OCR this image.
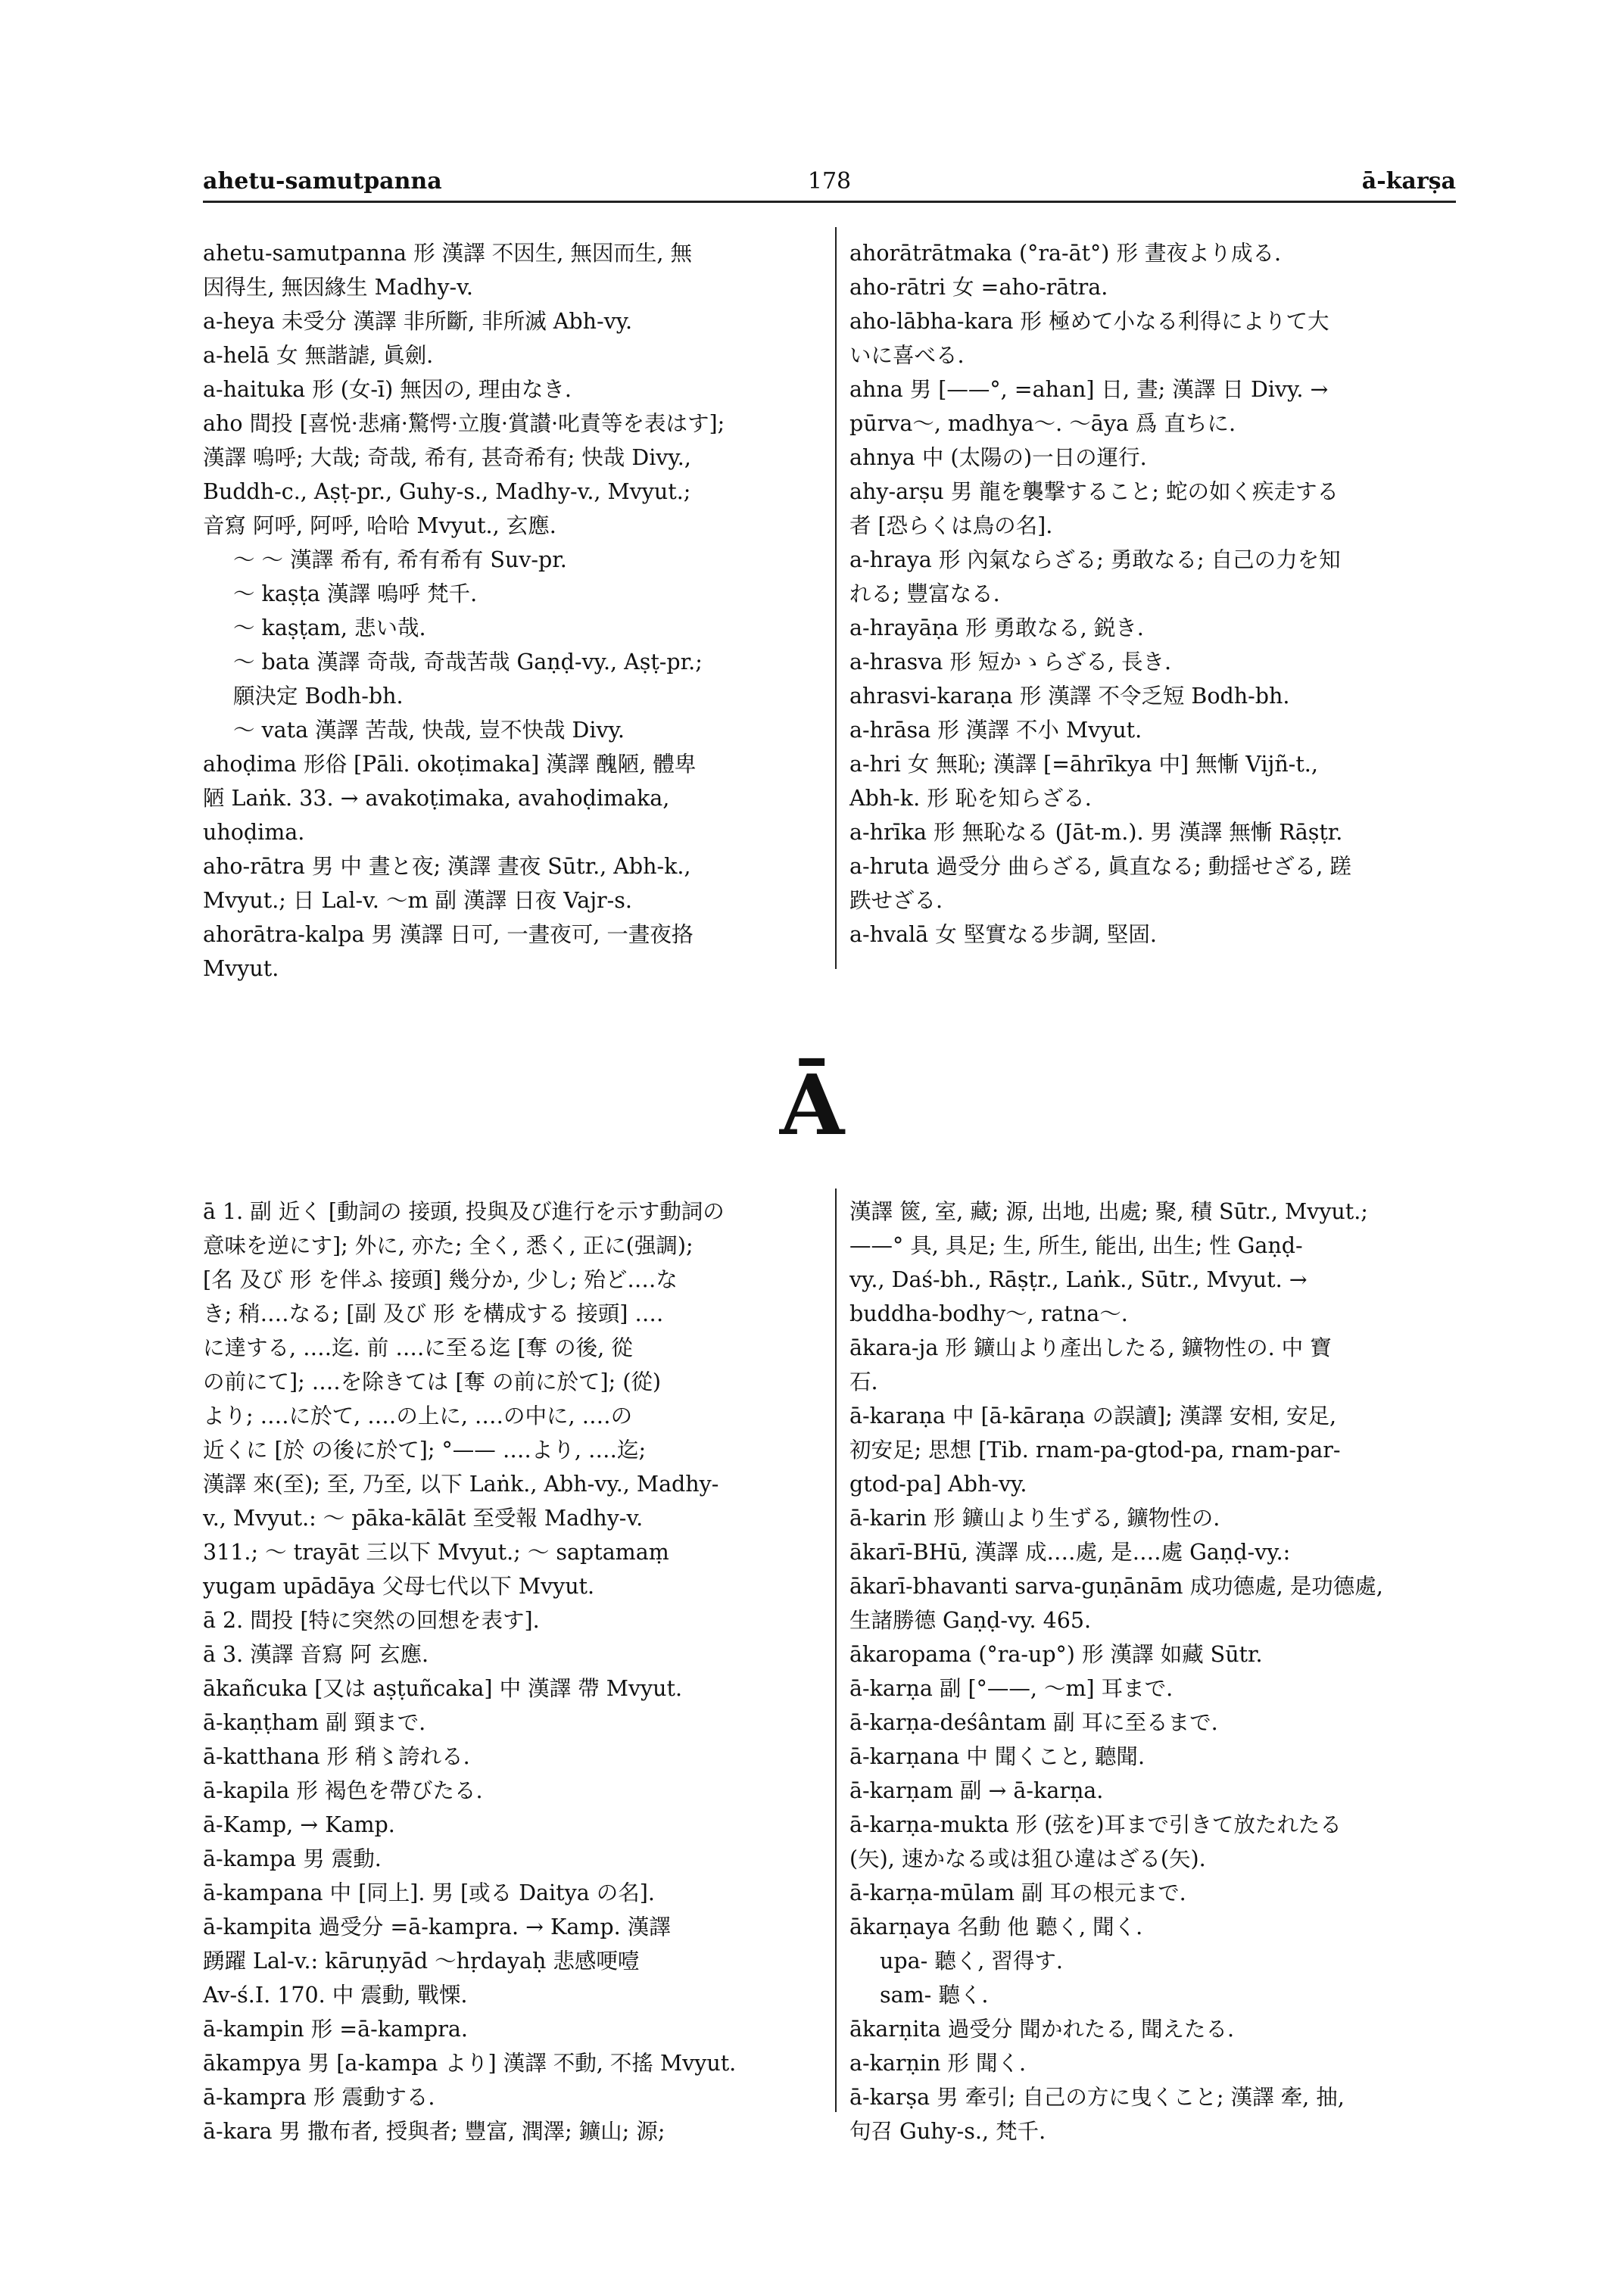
ahetu-samutpanna	178	ā-karṣa
ahetu-samutpanna 形 漢譯 不因生, 無因而生, 無
因得生, 無因緣生 Madhy-v.
a-heya 未受分 漢譯 非所斷, 非所滅 Abh-vy.
a-helā 女 無諧謔, 眞劍.
a-haituka 形 (女-ī) 無因の, 理由なき.
aho 間投 [喜悦·悲痛·驚愕·立腹·賞讃·叱責等を表はす];
漢譯 嗚呼; 大哉; 奇哉, 希有, 甚奇希有; 快哉 Divy.,
Buddh-c., Aṣṭ-pr., Guhy-s., Madhy-v., Mvyut.;
音寫 阿呼, 阿呼, 哈哈 Mvyut., 玄應.
〜 〜 漢譯 希有, 希有希有 Suv-pr.
〜 kaṣṭa 漢譯 嗚呼 梵千.
〜 kaṣṭam, 悲い哉.
〜 bata 漢譯 奇哉, 奇哉苦哉 Gaṇḍ-vy., Aṣṭ-pr.;
願決定 Bodh-bh.
〜 vata 漢譯 苦哉, 快哉, 豈不快哉 Divy.
ahoḍima 形俗 [Pāli. okoṭimaka] 漢譯 醜陋, 體卑
陋 Laṅk. 33. → avakoṭimaka, avahoḍimaka,
uhoḍima.
aho-rātra 男 中 晝と夜; 漢譯 晝夜 Sūtr., Abh-k.,
Mvyut.; 日 Lal-v. 〜m 副 漢譯 日夜 Vajr-s.
ahorātra-kalpa 男 漢譯 日可, 一晝夜可, 一晝夜挌
Mvyut.
ahorātrātmaka (°ra-āt°) 形 晝夜より成る.
aho-rātri 女 =aho-rātra.
aho-lābha-kara 形 極めて小なる利得によりて大
いに喜べる.
ahna 男 [——°, =ahan] 日, 晝; 漢譯 日 Divy. →
pūrva〜, madhya〜. 〜āya 爲 直ちに.
ahnya 中 (太陽の)一日の運行.
ahy-arṣu 男 龍を襲撃すること; 蛇の如く疾走する
者 [恐らくは鳥の名].
a-hraya 形 內氣ならざる; 勇敢なる; 自己の力を知
れる; 豐富なる.
a-hrayāṇa 形 勇敢なる, 鋭き.
a-hrasva 形 短かゝらざる, 長き.
ahrasvi-karaṇa 形 漢譯 不令乏短 Bodh-bh.
a-hrāsa 形 漢譯 不小 Mvyut.
a-hri 女 無恥; 漢譯 [=āhrīkya 中] 無慚 Vijñ-t.,
Abh-k. 形 恥を知らざる.
a-hrīka 形 無恥なる (Jāt-m.). 男 漢譯 無慚 Rāṣṭr.
a-hruta 過受分 曲らざる, 眞直なる; 動揺せざる, 蹉
跌せざる.
a-hvalā 女 堅實なる步調, 堅固.
Ā
ā 1. 副 近く [動詞の 接頭, 投與及び進行を示す動詞の
意味を逆にす]; 外に, 亦た; 全く, 悉く, 正に(强調);
[名 及び 形 を伴ふ 接頭] 幾分か, 少し; 殆ど‥‥な
き; 稍‥‥なる; [副 及び 形 を構成する 接頭] ‥‥
に達する, ‥‥迄. 前 ‥‥に至る迄 [奪 の後, 從
の前にて]; ‥‥を除きては [奪 の前に於て]; (從)
より; ‥‥に於て, ‥‥の上に, ‥‥の中に, ‥‥の
近くに [於 の後に於て]; °—— ‥‥より, ‥‥迄;
漢譯 來(至); 至, 乃至, 以下 Laṅk., Abh-vy., Madhy-
v., Mvyut.: 〜 pāka-kālāt 至受報 Madhy-v.
311.; 〜 trayāt 三以下 Mvyut.; 〜 saptamaṃ
yugam upādāya 父母七代以下 Mvyut.
ā 2. 間投 [特に突然の回想を表す].
ā 3. 漢譯 音寫 阿 玄應.
ākañcuka [又は aṣṭuñcaka] 中 漢譯 帶 Mvyut.
ā-kaṇṭham 副 頸まで.
ā-katthana 形 稍〻誇れる.
ā-kapila 形 褐色を帶びたる.
ā-Kamp, → Kamp.
ā-kampa 男 震動.
ā-kampana 中 [同上]. 男 [或る Daitya の名].
ā-kampita 過受分 =ā-kampra. → Kamp. 漢譯
踴躍 Lal-v.: kāruṇyād 〜hṛdayaḥ 悲感哽噎
Av-ś.I. 170. 中 震動, 戰慄.
ā-kampin 形 =ā-kampra.
ākampya 男 [a-kampa より] 漢譯 不動, 不搖 Mvyut.
ā-kampra 形 震動する.
ā-kara 男 撒布者, 授與者; 豐富, 潤澤; 鑛山; 源;
漢譯 篋, 室, 藏; 源, 出地, 出處; 聚, 積 Sūtr., Mvyut.;
——° 具, 具足; 生, 所生, 能出, 出生; 性 Gaṇḍ-
vy., Daś-bh., Rāṣṭr., Laṅk., Sūtr., Mvyut. →
buddha-bodhy〜, ratna〜.
ākara-ja 形 鑛山より產出したる, 鑛物性の. 中 寶
石.
ā-karaṇa 中 [ā-kāraṇa の誤讀]; 漢譯 安相, 安足,
初安足; 思想 [Tib. rnam-pa-gtod-pa, rnam-par-
gtod-pa] Abh-vy.
ā-karin 形 鑛山より生ずる, 鑛物性の.
ākarī-BHū, 漢譯 成‥‥處, 是‥‥處 Gaṇḍ-vy.:
ākarī-bhavanti sarva-guṇānām 成功德處, 是功德處,
生諸勝德 Gaṇḍ-vy. 465.
ākaropama (°ra-up°) 形 漢譯 如藏 Sūtr.
ā-karṇa 副 [°——, 〜m] 耳まで.
ā-karṇa-deśântam 副 耳に至るまで.
ā-karṇana 中 聞くこと, 聽聞.
ā-karṇam 副 → ā-karṇa.
ā-karṇa-mukta 形 (弦を)耳まで引きて放たれたる
(矢), 速かなる或は狙ひ違はざる(矢).
ā-karṇa-mūlam 副 耳の根元まで.
ākarṇaya 名動 他 聽く, 聞く.
upa- 聽く, 習得す.
sam- 聽く.
ākarṇita 過受分 聞かれたる, 聞えたる.
a-karṇin 形 聞く.
ā-karṣa 男 牽引; 自己の方に曳くこと; 漢譯 牽, 抽,
句召 Guhy-s., 梵千.
